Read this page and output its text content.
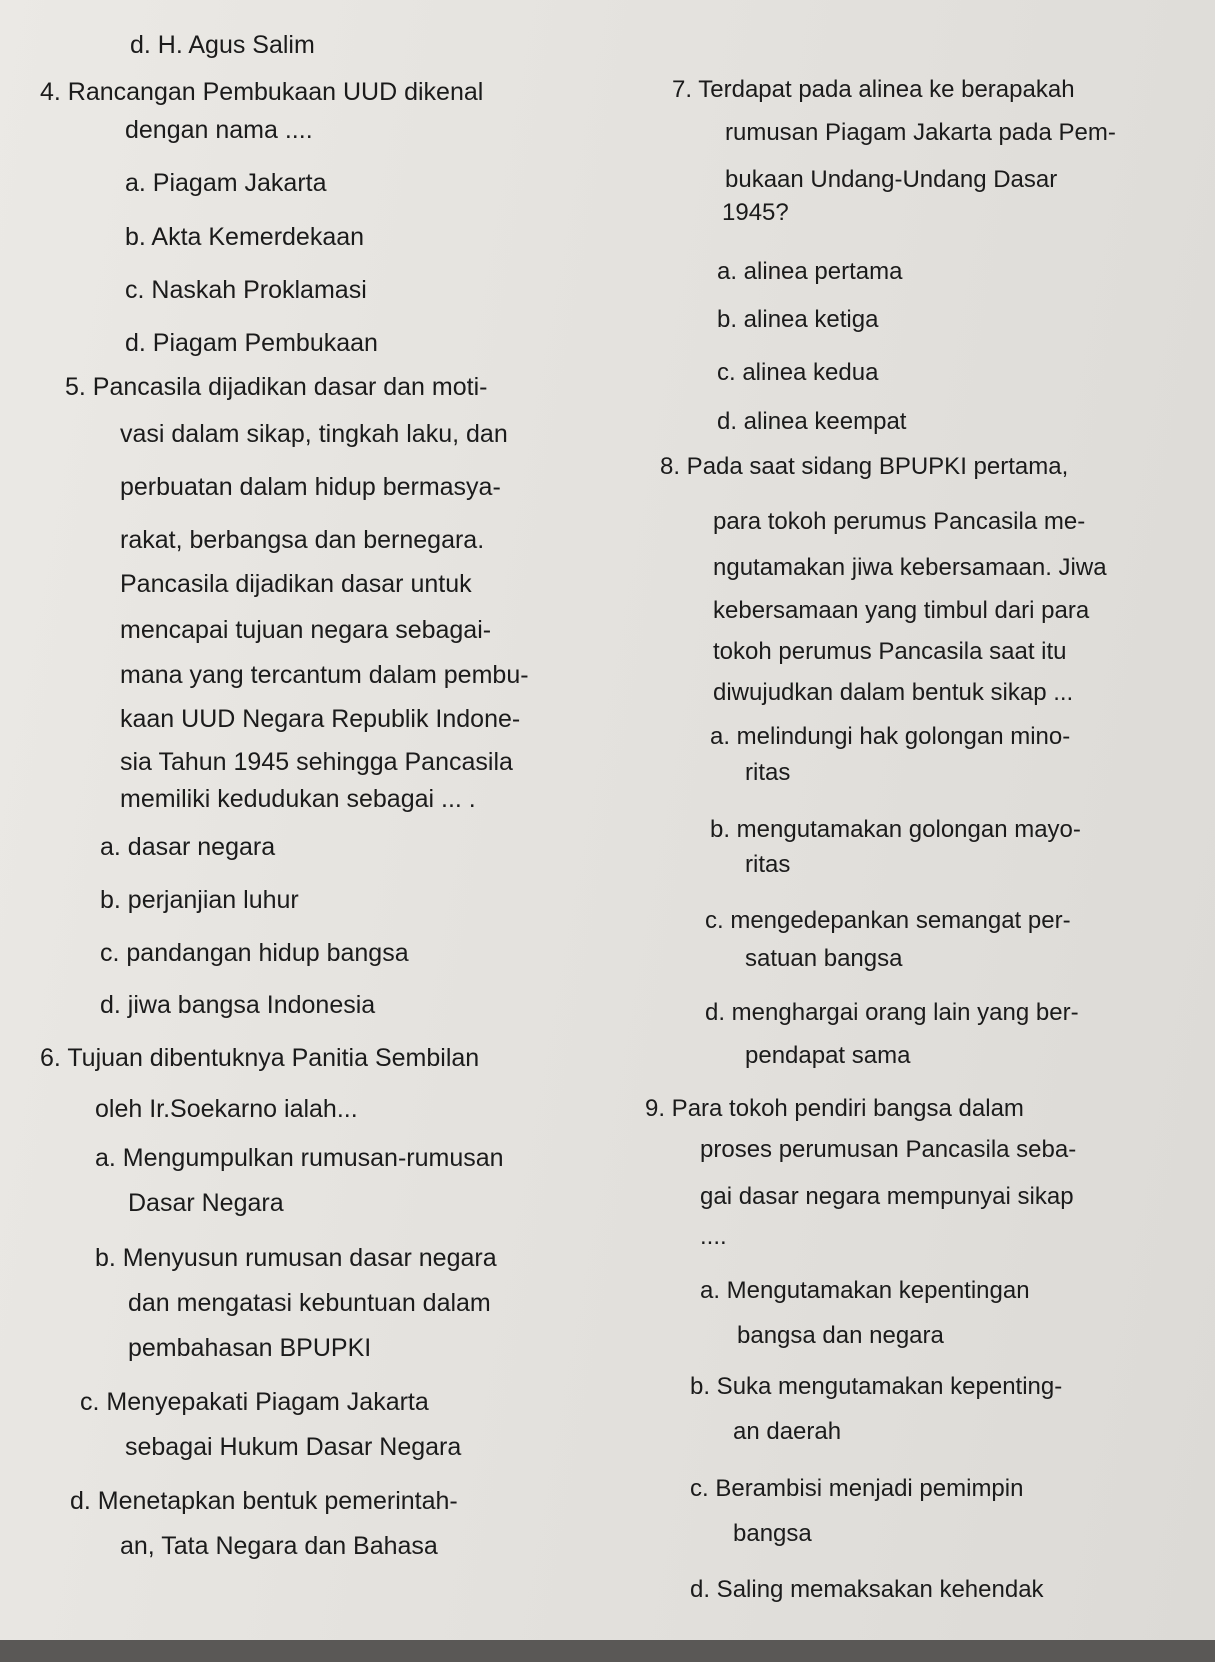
d. H. Agus Salim
4. Rancangan Pembukaan UUD dikenal
dengan nama ....
a. Piagam Jakarta
b. Akta Kemerdekaan
c. Naskah Proklamasi
d. Piagam Pembukaan
5. Pancasila dijadikan dasar dan moti-
vasi dalam sikap, tingkah laku, dan
perbuatan dalam hidup bermasya-
rakat, berbangsa dan bernegara.
Pancasila dijadikan dasar untuk
mencapai tujuan negara sebagai-
mana yang tercantum dalam pembu-
kaan UUD Negara Republik Indone-
sia Tahun 1945 sehingga Pancasila
memiliki kedudukan sebagai ... .
a. dasar negara
b. perjanjian luhur
c. pandangan hidup bangsa
d. jiwa bangsa Indonesia
6. Tujuan dibentuknya Panitia Sembilan
oleh Ir.Soekarno ialah...
a. Mengumpulkan rumusan-rumusan
Dasar Negara
b. Menyusun rumusan dasar negara
dan mengatasi kebuntuan dalam
pembahasan BPUPKI
c. Menyepakati Piagam Jakarta
sebagai Hukum Dasar Negara
d. Menetapkan bentuk pemerintah-
an, Tata Negara dan Bahasa
7. Terdapat pada alinea ke berapakah
rumusan Piagam Jakarta pada Pem-
bukaan Undang-Undang Dasar
1945?
a. alinea pertama
b. alinea ketiga
c. alinea kedua
d. alinea keempat
8. Pada saat sidang BPUPKI pertama,
para tokoh perumus Pancasila me-
ngutamakan jiwa kebersamaan. Jiwa
kebersamaan yang timbul dari para
tokoh perumus Pancasila saat itu
diwujudkan dalam bentuk sikap ...
a. melindungi hak golongan mino-
ritas
b. mengutamakan golongan mayo-
ritas
c. mengedepankan semangat per-
satuan bangsa
d. menghargai orang lain yang ber-
pendapat sama
9. Para tokoh pendiri bangsa dalam
proses perumusan Pancasila seba-
gai dasar negara mempunyai sikap
....
a. Mengutamakan kepentingan
bangsa dan negara
b. Suka mengutamakan kepenting-
an daerah
c. Berambisi menjadi pemimpin
bangsa
d. Saling memaksakan kehendak
